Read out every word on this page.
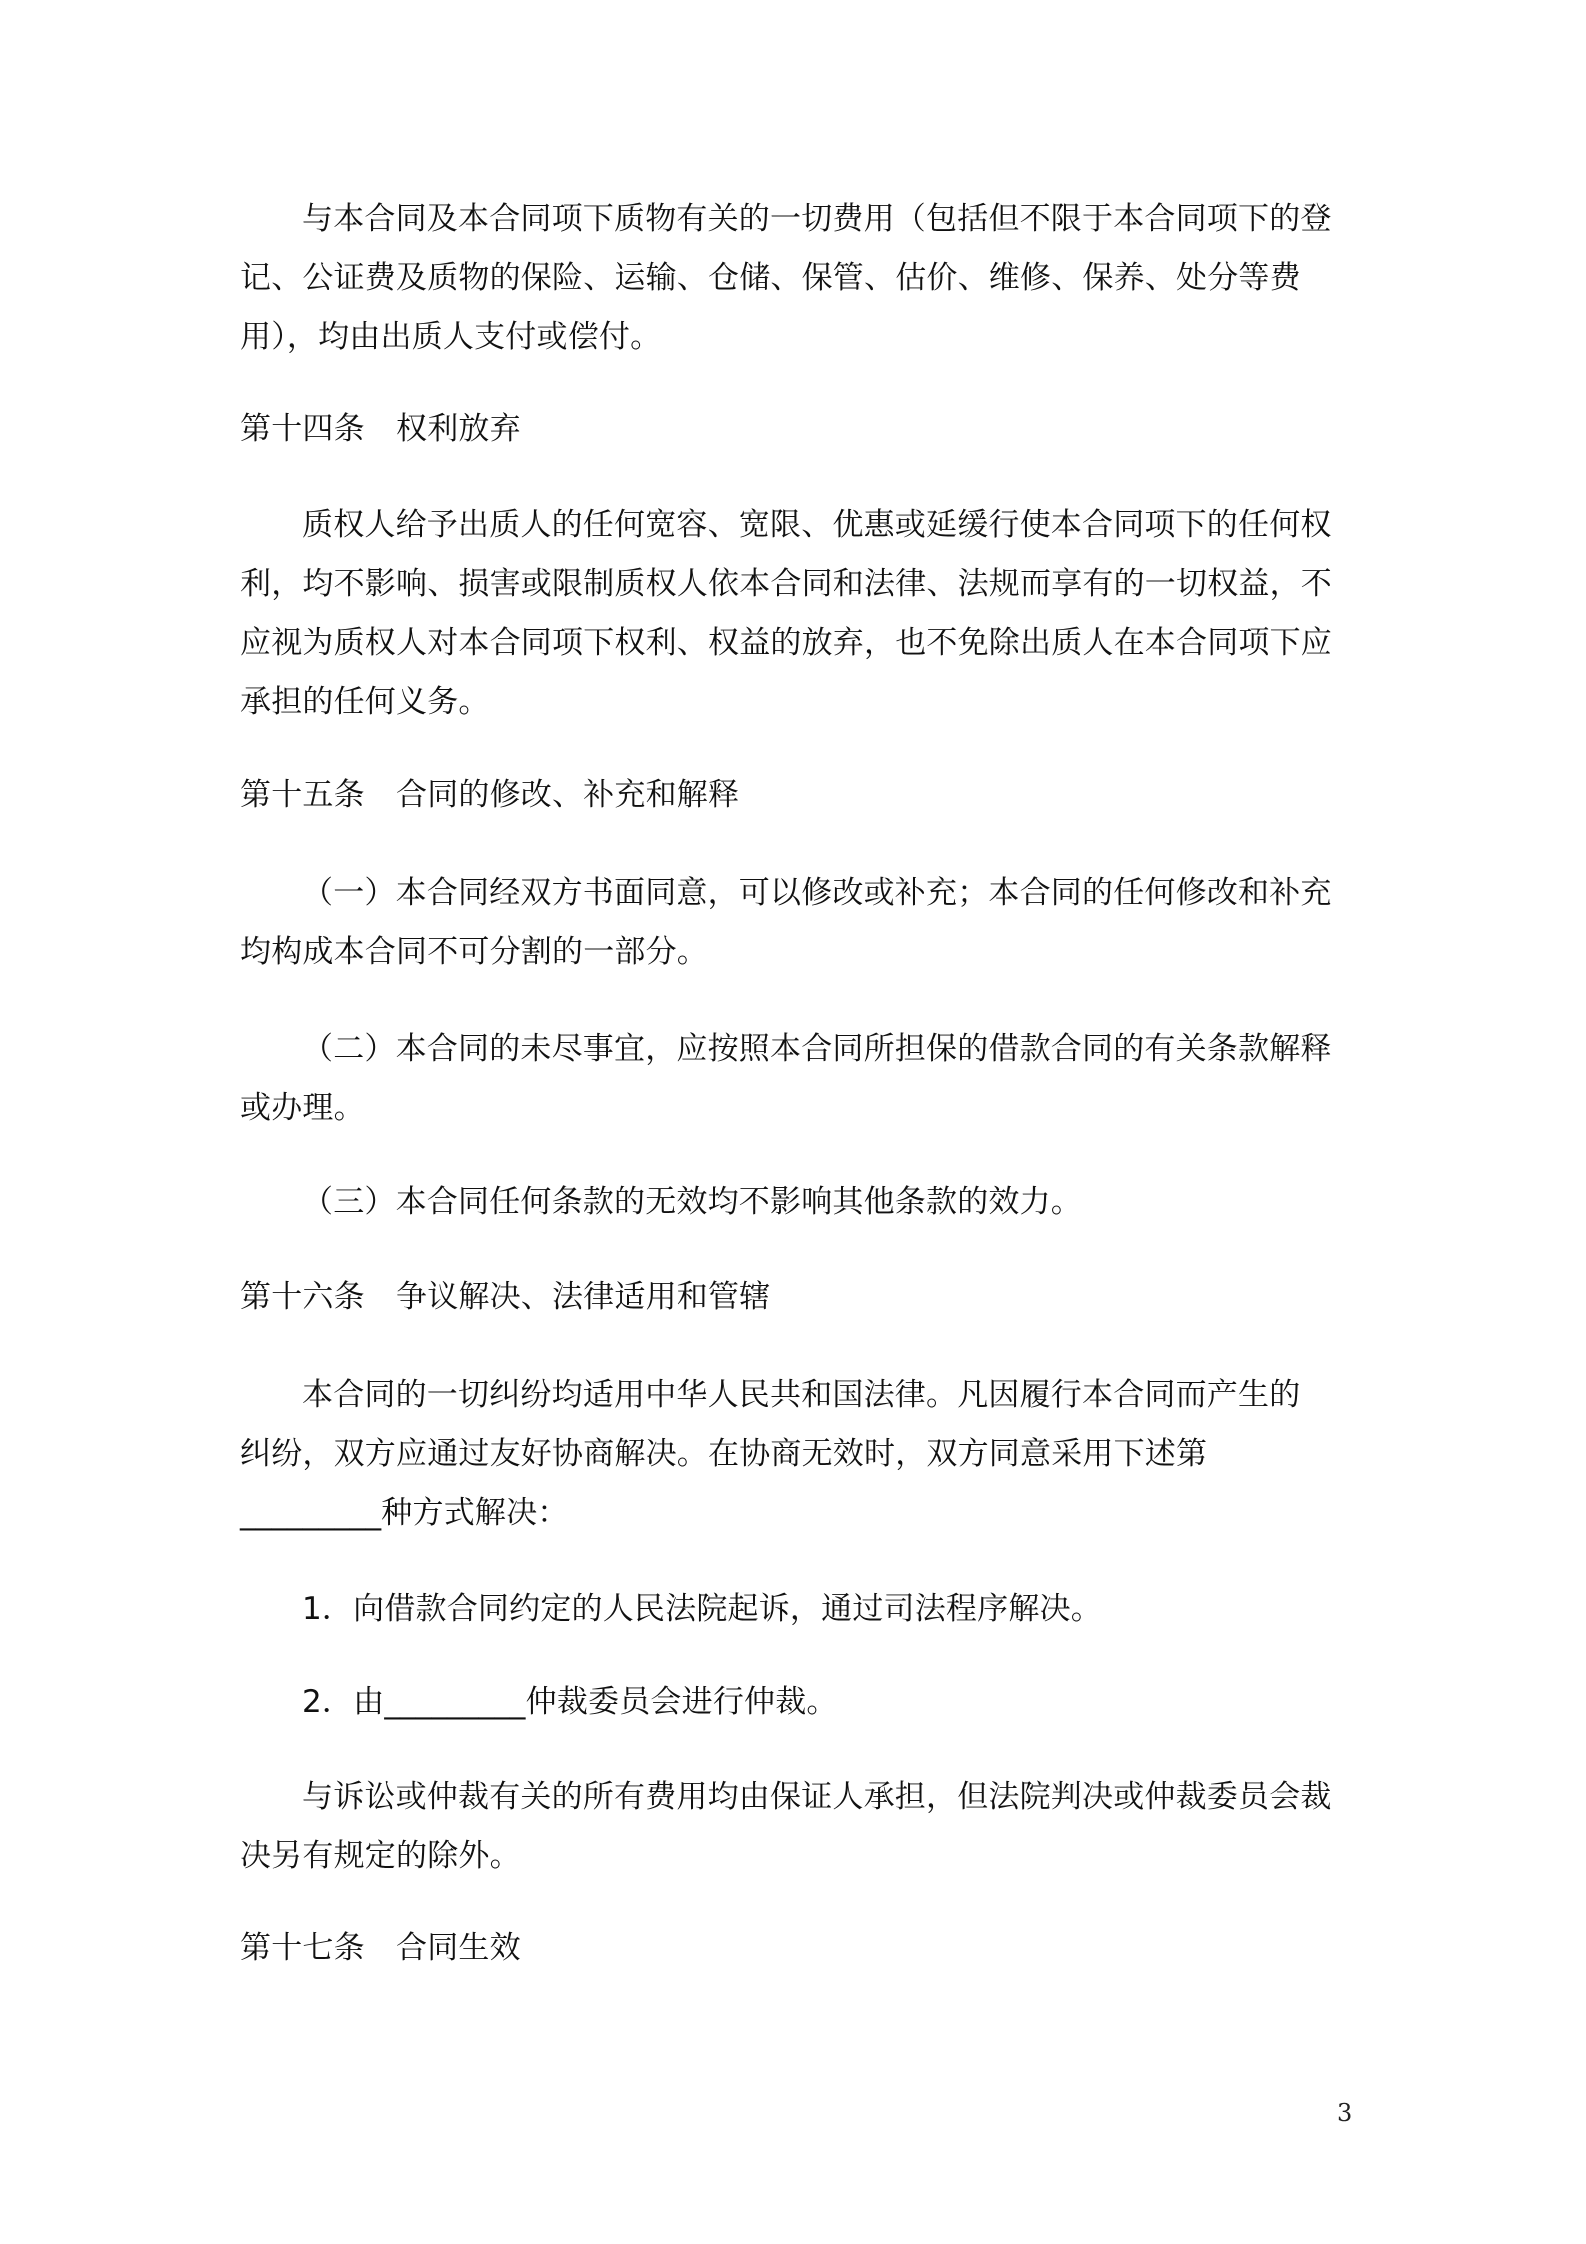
与本合同及本合同项下质物有关的一切费用（包括但不限于本合同项下的登记、公证费及质物的保险、运输、仓储、保管、估价、维修、保养、处分等费用），均由出质人支付或偿付。
第十四条　权利放弃
质权人给予出质人的任何宽容、宽限、优惠或延缓行使本合同项下的任何权利，均不影响、损害或限制质权人依本合同和法律、法规而享有的一切权益，不应视为质权人对本合同项下权利、权益的放弃，也不免除出质人在本合同项下应承担的任何义务。
第十五条　合同的修改、补充和解释
（一）本合同经双方书面同意，可以修改或补充；本合同的任何修改和补充均构成本合同不可分割的一部分。
（二）本合同的未尽事宜，应按照本合同所担保的借款合同的有关条款解释或办理。
（三）本合同任何条款的无效均不影响其他条款的效力。
第十六条　争议解决、法律适用和管辖
本合同的一切纠纷均适用中华人民共和国法律。凡因履行本合同而产生的
纠纷，双方应通过友好协商解决。在协商无效时，双方同意采用下述第
_________种方式解决：
1．向借款合同约定的人民法院起诉，通过司法程序解决。
2．由_________仲裁委员会进行仲裁。
与诉讼或仲裁有关的所有费用均由保证人承担，但法院判决或仲裁委员会裁决另有规定的除外。
第十七条　合同生效
3
